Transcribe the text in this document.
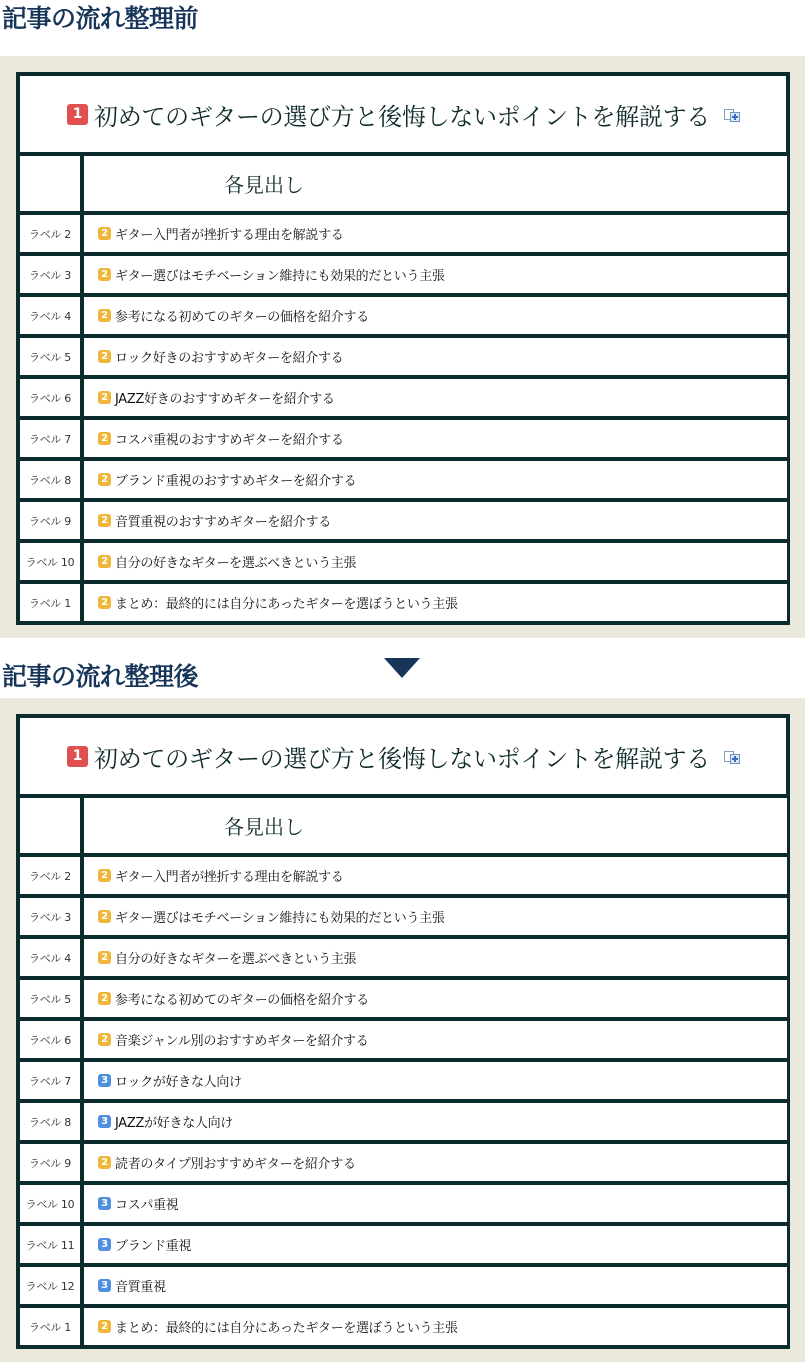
記事の流れ整理前
1 初めてのギターの選び方と後悔しないポイントを解説する
各見出し
ラベル 2	2 ギター入門者が挫折する理由を解説する
ラベル 3	2 ギター選びはモチベーション維持にも効果的だという主張
ラベル 4	2 参考になる初めてのギターの価格を紹介する
ラベル 5	2 ロック好きのおすすめギターを紹介する
ラベル 6	2 JAZZ好きのおすすめギターを紹介する
ラベル 7	2 コスパ重視のおすすめギターを紹介する
ラベル 8	2 ブランド重視のおすすめギターを紹介する
ラベル 9	2 音質重視のおすすめギターを紹介する
ラベル 10	2 自分の好きなギターを選ぶべきという主張
ラベル 1	2 まとめ：最終的には自分にあったギターを選ぼうという主張
記事の流れ整理後
1 初めてのギターの選び方と後悔しないポイントを解説する
各見出し
ラベル 2	2 ギター入門者が挫折する理由を解説する
ラベル 3	2 ギター選びはモチベーション維持にも効果的だという主張
ラベル 4	2 自分の好きなギターを選ぶべきという主張
ラベル 5	2 参考になる初めてのギターの価格を紹介する
ラベル 6	2 音楽ジャンル別のおすすめギターを紹介する
ラベル 7	3 ロックが好きな人向け
ラベル 8	3 JAZZが好きな人向け
ラベル 9	2 読者のタイプ別おすすめギターを紹介する
ラベル 10	3 コスパ重視
ラベル 11	3 ブランド重視
ラベル 12	3 音質重視
ラベル 1	2 まとめ：最終的には自分にあったギターを選ぼうという主張
